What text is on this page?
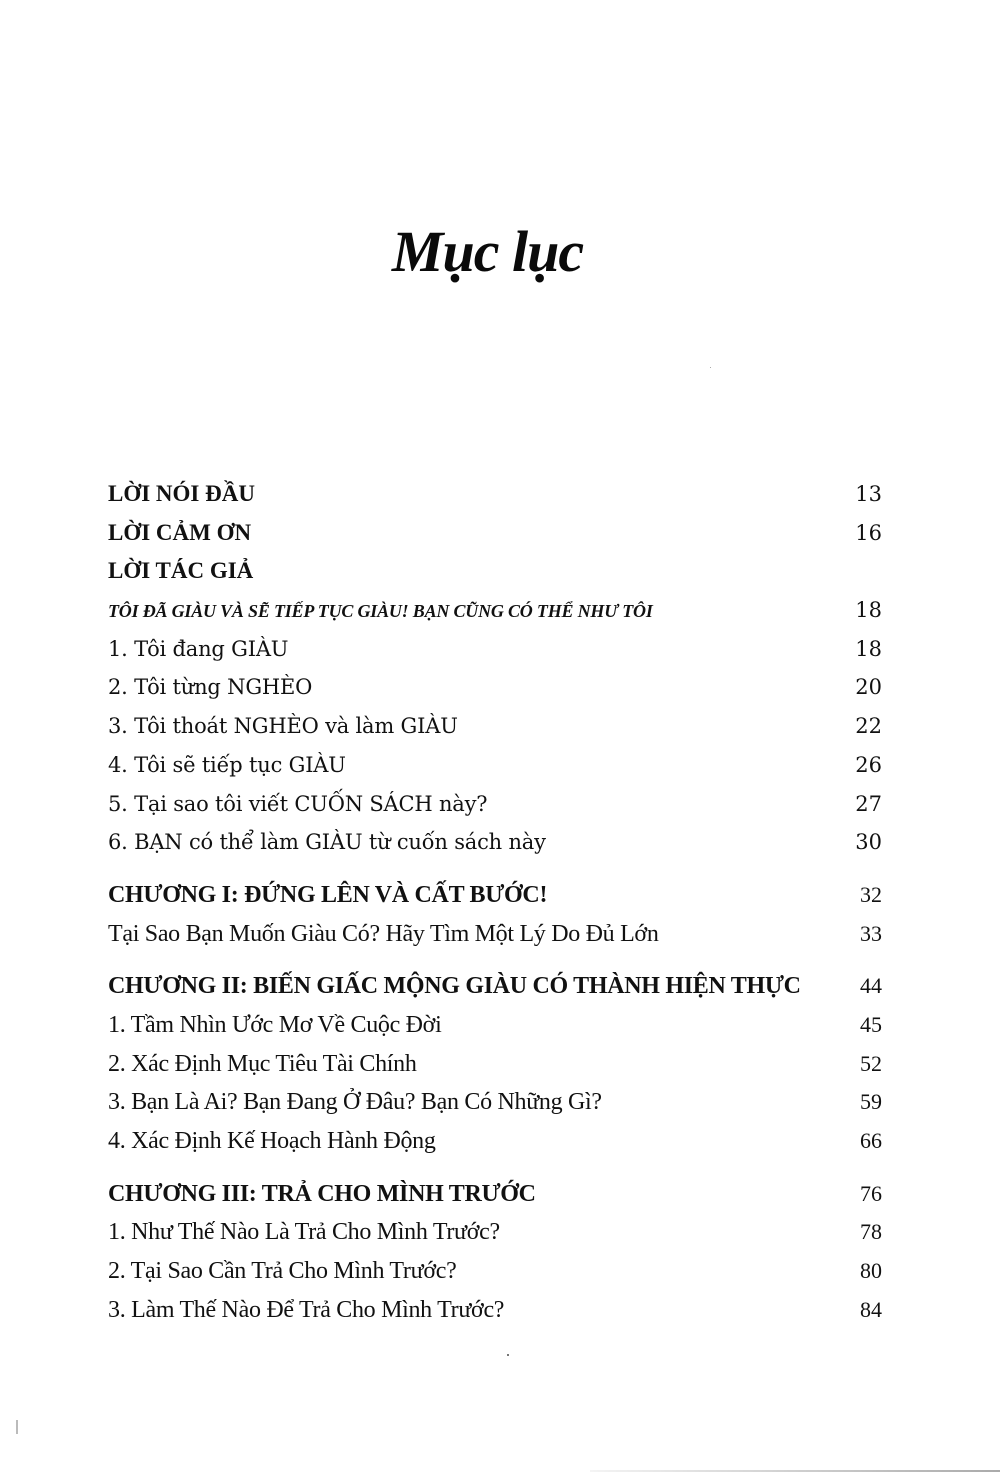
Mục lục
LỜI NÓI ĐẦU	13
LỜI CẢM ƠN	16
LỜI TÁC GIẢ
TÔI ĐÃ GIÀU VÀ SẼ TIẾP TỤC GIÀU! BẠN CŨNG CÓ THỂ NHƯ TÔI	18
1. Tôi đang GIÀU	18
2. Tôi từng NGHÈO	20
3. Tôi thoát NGHÈO và làm GIÀU	22
4. Tôi sẽ tiếp tục GIÀU	26
5. Tại sao tôi viết CUỐN SÁCH này?	27
6. BẠN có thể làm GIÀU từ cuốn sách này	30
CHƯƠNG I: ĐỨNG LÊN VÀ CẤT BƯỚC!	32
Tại Sao Bạn Muốn Giàu Có? Hãy Tìm Một Lý Do Đủ Lớn	33
CHƯƠNG II: BIẾN GIẤC MỘNG GIÀU CÓ THÀNH HIỆN THỰC	44
1. Tầm Nhìn Ước Mơ Về Cuộc Đời	45
2. Xác Định Mục Tiêu Tài Chính	52
3. Bạn Là Ai? Bạn Đang Ở Đâu? Bạn Có Những Gì?	59
4. Xác Định Kế Hoạch Hành Động	66
CHƯƠNG III: TRẢ CHO MÌNH TRƯỚC	76
1. Như Thế Nào Là Trả Cho Mình Trước?	78
2. Tại Sao Cần Trả Cho Mình Trước?	80
3. Làm Thế Nào Để Trả Cho Mình Trước?	84
